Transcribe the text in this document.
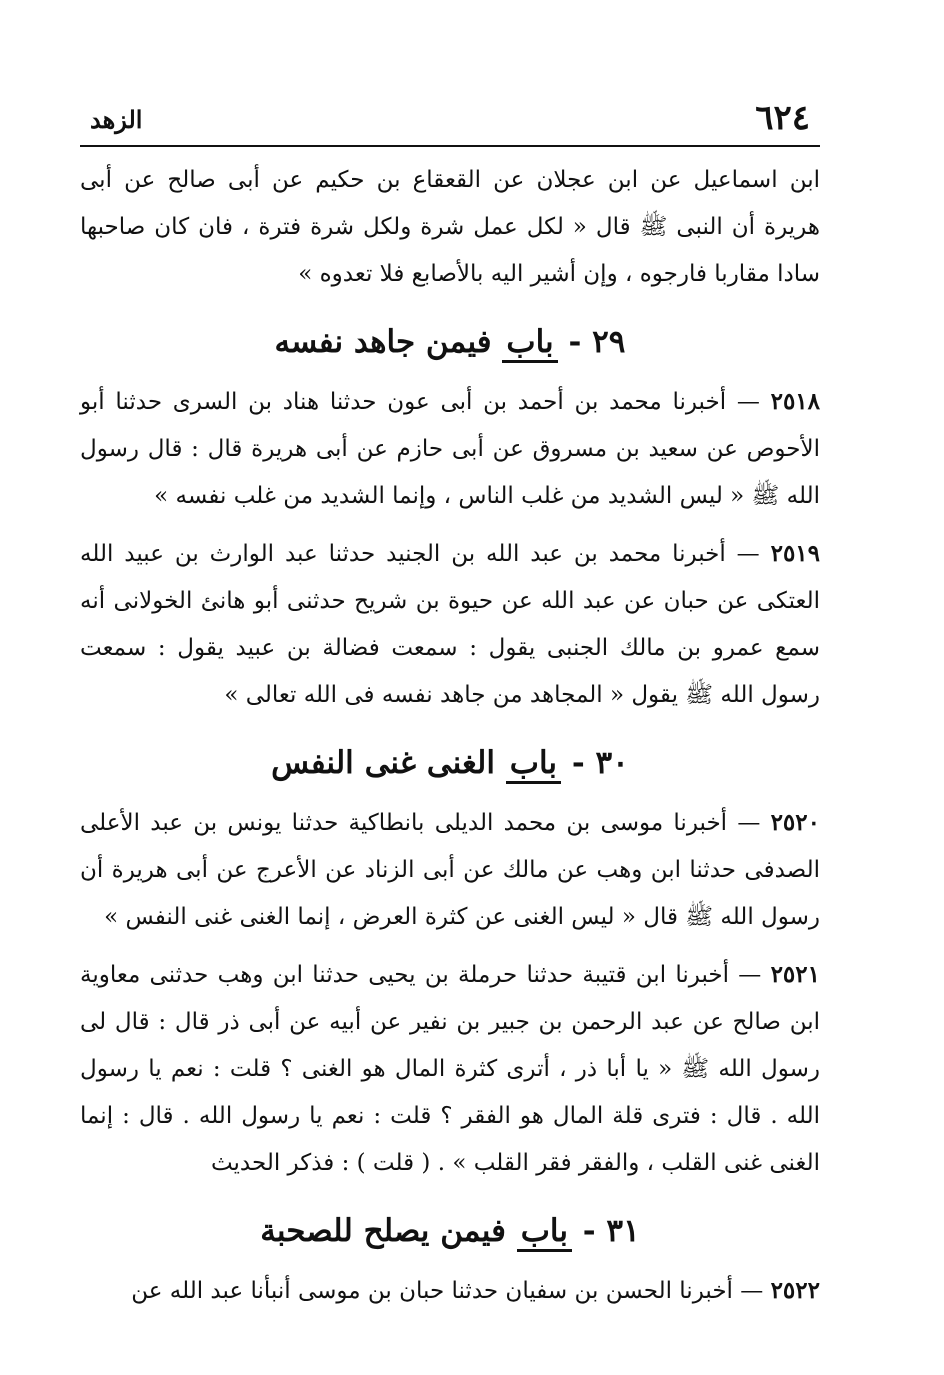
٦٢٤
الزهد

ابن اسماعيل عن ابن عجلان عن القعقاع بن حكيم عن أبى صالح عن أبى هريرة أن النبى ﷺ قال « لكل عمل شرة ولكل شرة فترة ، فان كان صاحبها سادا مقاربا فارجوه ، وإن أشير اليه بالأصابع فلا تعدوه »

٢٩ - باب فيمن جاهد نفسه

٢٥١٨ — أخبرنا محمد بن أحمد بن أبى عون حدثنا هناد بن السرى حدثنا أبو الأحوص عن سعيد بن مسروق عن أبى حازم عن أبى هريرة قال : قال رسول الله ﷺ « ليس الشديد من غلب الناس ، وإنما الشديد من غلب نفسه »

٢٥١٩ — أخبرنا محمد بن عبد الله بن الجنيد حدثنا عبد الوارث بن عبيد الله العتكى عن حبان عن عبد الله عن حيوة بن شريح حدثنى أبو هانئ الخولانى أنه سمع عمرو بن مالك الجنبى يقول : سمعت فضالة بن عبيد يقول : سمعت رسول الله ﷺ يقول « المجاهد من جاهد نفسه فى الله تعالى »

٣٠ - باب الغنى غنى النفس

٢٥٢٠ — أخبرنا موسى بن محمد الديلى بانطاكية حدثنا يونس بن عبد الأعلى الصدفى حدثنا ابن وهب عن مالك عن أبى الزناد عن الأعرج عن أبى هريرة أن رسول الله ﷺ قال « ليس الغنى عن كثرة العرض ، إنما الغنى غنى النفس »

٢٥٢١ — أخبرنا ابن قتيبة حدثنا حرملة بن يحيى حدثنا ابن وهب حدثنى معاوية ابن صالح عن عبد الرحمن بن جبير بن نفير عن أبيه عن أبى ذر قال : قال لى رسول الله ﷺ « يا أبا ذر ، أترى كثرة المال هو الغنى ؟ قلت : نعم يا رسول الله . قال : فترى قلة المال هو الفقر ؟ قلت : نعم يا رسول الله . قال : إنما الغنى غنى القلب ، والفقر فقر القلب » . ( قلت ) : فذكر الحديث

٣١ - باب فيمن يصلح للصحبة

٢٥٢٢ — أخبرنا الحسن بن سفيان حدثنا حبان بن موسى أنبأنا عبد الله عن
